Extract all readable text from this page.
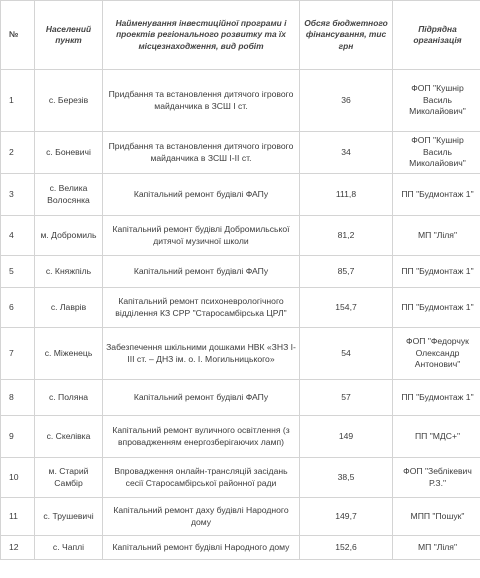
№	Населений пункт	Найменування інвестиційної програми і проектів регіонального розвитку та їх місцезнаходження, вид робіт	Обсяг бюджетного фінансування, тис грн	Підрядна організація
1	с. Березів	Придбання та встановлення дитячого ігрового майданчика в ЗСШ І ст.	36	ФОП "Кушнір Василь Миколайович"
2	с. Боневичі	Придбання та встановлення дитячого ігрового майданчика в ЗСШ І-ІІ ст.	34	ФОП "Кушнір Василь Миколайович"
3	с. Велика Волосянка	Капітальний ремонт будівлі ФАПу	111,8	ПП "Будмонтаж 1"
4	м. Добромиль	Капітальний ремонт будівлі Добромильської дитячої музичної школи	81,2	МП "Ліля"
5	с. Княжпіль	Капітальний ремонт будівлі ФАПу	85,7	ПП "Будмонтаж 1"
6	с. Лаврів	Капітальний ремонт психоневрологічного відділення КЗ СРР "Старосамбірська ЦРЛ"	154,7	ПП "Будмонтаж 1"
7	с. Міженець	Забезпечення шкільними дошками НВК «ЗНЗ І-ІІІ ст. – ДНЗ ім. о. І. Могильницького»	54	ФОП "Федорчук Олександр Антонович"
8	с. Поляна	Капітальний ремонт будівлі ФАПу	57	ПП "Будмонтаж 1"
9	с. Скелівка	Капітальний ремонт вуличного освітлення (з впровадженням енергозберігаючих ламп)	149	ПП "МДС+"
10	м. Старий Самбір	Впровадження онлайн-трансляцій засідань сесії Старосамбірської районної ради	38,5	ФОП "Зеблікевич Р.З."
11	с. Трушевичі	Капітальний ремонт даху будівлі Народного дому	149,7	МПП "Пошук"
12	с. Чаплі	Капітальний ремонт будівлі Народного дому	152,6	МП "Ліля"
